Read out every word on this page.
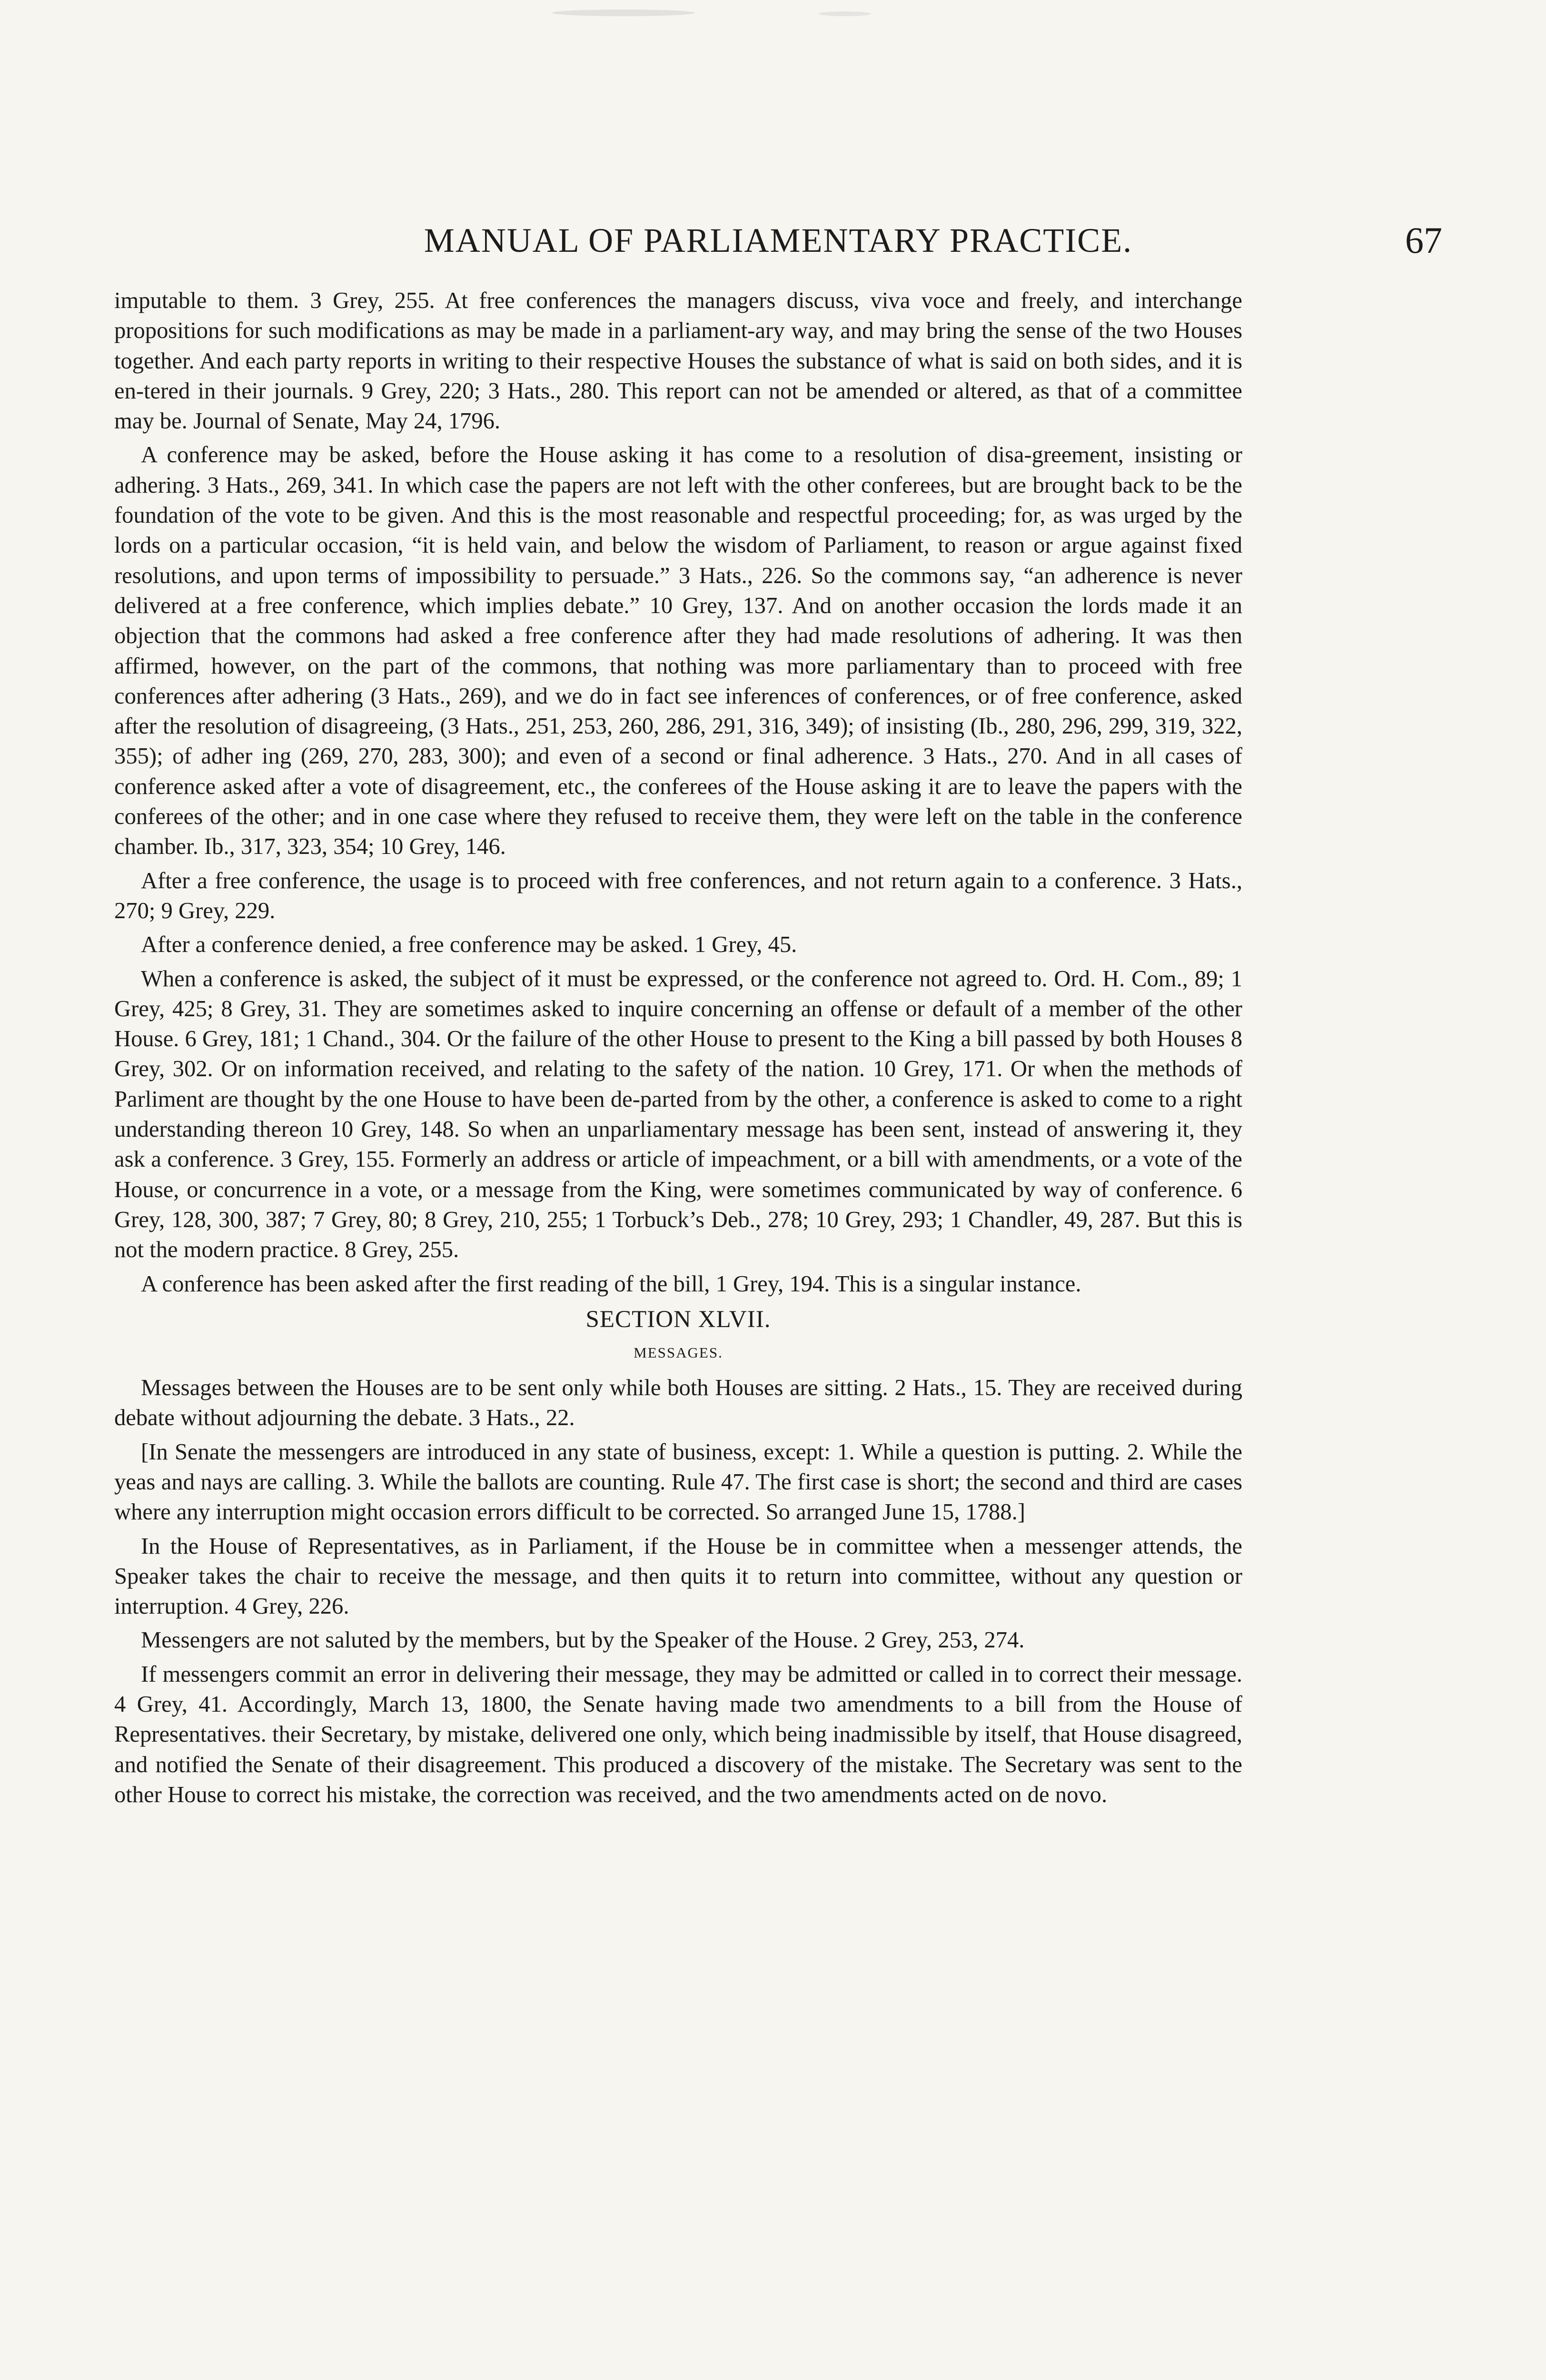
MANUAL OF PARLIAMENTARY PRACTICE.	67

imputable to them. 3 Grey, 255. At free conferences the managers discuss, viva voce and freely, and interchange propositions for such modifications as may be made in a parliament-ary way, and may bring the sense of the two Houses together. And each party reports in writing to their respective Houses the substance of what is said on both sides, and it is en-tered in their journals. 9 Grey, 220; 3 Hats., 280. This report can not be amended or altered, as that of a committee may be. Journal of Senate, May 24, 1796.

A conference may be asked, before the House asking it has come to a resolution of disa-greement, insisting or adhering. 3 Hats., 269, 341. In which case the papers are not left with the other conferees, but are brought back to be the foundation of the vote to be given. And this is the most reasonable and respectful proceeding; for, as was urged by the lords on a particular occasion, “it is held vain, and below the wisdom of Parliament, to reason or argue against fixed resolutions, and upon terms of impossibility to persuade.” 3 Hats., 226. So the commons say, “an adherence is never delivered at a free conference, which implies debate.” 10 Grey, 137. And on another occasion the lords made it an objection that the commons had asked a free conference after they had made resolutions of adhering. It was then affirmed, however, on the part of the commons, that nothing was more parliamentary than to proceed with free conferences after adhering (3 Hats., 269), and we do in fact see inferences of conferences, or of free conference, asked after the resolution of disagreeing, (3 Hats., 251, 253, 260, 286, 291, 316, 349); of insisting (Ib., 280, 296, 299, 319, 322, 355); of adher ing (269, 270, 283, 300); and even of a second or final adherence. 3 Hats., 270. And in all cases of conference asked after a vote of disagreement, etc., the conferees of the House asking it are to leave the papers with the conferees of the other; and in one case where they refused to receive them, they were left on the table in the conference chamber. Ib., 317, 323, 354; 10 Grey, 146.

After a free conference, the usage is to proceed with free conferences, and not return again to a conference. 3 Hats., 270; 9 Grey, 229.

After a conference denied, a free conference may be asked. 1 Grey, 45.

When a conference is asked, the subject of it must be expressed, or the conference not agreed to. Ord. H. Com., 89; 1 Grey, 425; 8 Grey, 31. They are sometimes asked to inquire concerning an offense or default of a member of the other House. 6 Grey, 181; 1 Chand., 304. Or the failure of the other House to present to the King a bill passed by both Houses 8 Grey, 302. Or on information received, and relating to the safety of the nation. 10 Grey, 171. Or when the methods of Parliment are thought by the one House to have been de-parted from by the other, a conference is asked to come to a right understanding thereon 10 Grey, 148. So when an unparliamentary message has been sent, instead of answering it, they ask a conference. 3 Grey, 155. Formerly an address or article of impeachment, or a bill with amendments, or a vote of the House, or concurrence in a vote, or a message from the King, were sometimes communicated by way of conference. 6 Grey, 128, 300, 387; 7 Grey, 80; 8 Grey, 210, 255; 1 Torbuck’s Deb., 278; 10 Grey, 293; 1 Chandler, 49, 287. But this is not the modern practice. 8 Grey, 255.

A conference has been asked after the first reading of the bill, 1 Grey, 194. This is a singular instance.

SECTION XLVII.
MESSAGES.

Messages between the Houses are to be sent only while both Houses are sitting. 2 Hats., 15. They are received during debate without adjourning the debate. 3 Hats., 22.

[In Senate the messengers are introduced in any state of business, except: 1. While a question is putting. 2. While the yeas and nays are calling. 3. While the ballots are counting. Rule 47. The first case is short; the second and third are cases where any interruption might occasion errors difficult to be corrected. So arranged June 15, 1788.]

In the House of Representatives, as in Parliament, if the House be in committee when a messenger attends, the Speaker takes the chair to receive the message, and then quits it to return into committee, without any question or interruption. 4 Grey, 226.

Messengers are not saluted by the members, but by the Speaker of the House. 2 Grey, 253, 274.

If messengers commit an error in delivering their message, they may be admitted or called in to correct their message. 4 Grey, 41. Accordingly, March 13, 1800, the Senate having made two amendments to a bill from the House of Representatives. their Secretary, by mistake, delivered one only, which being inadmissible by itself, that House disagreed, and notified the Senate of their disagreement. This produced a discovery of the mistake. The Secretary was sent to the other House to correct his mistake, the correction was received, and the two amendments acted on de novo.
